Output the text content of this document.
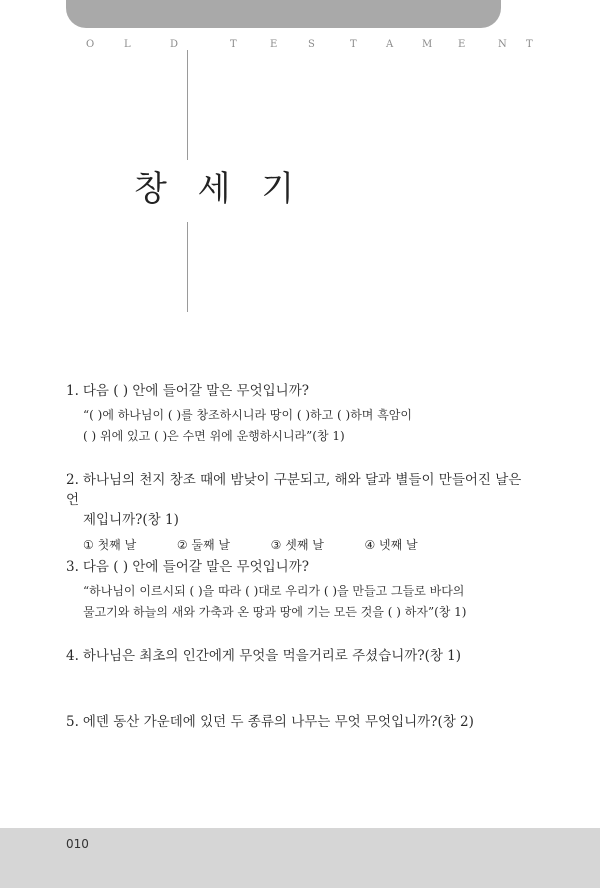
O	L	D	T	E	S	T	A	M	E	N T
창 세 기

1. 다음 ( ) 안에 들어갈 말은 무엇입니까?

“( )에 하나님이 ( )를 창조하시니라 땅이 ( )하고 ( )하며 흑암이
( ) 위에 있고 ( )은 수면 위에 운행하시니라”(창 1)

2. 하나님의 천지 창조 때에 밤낮이 구분되고, 해와 달과 별들이 만들어진 날은 언
제입니까?(창 1)

① 첫째 날	② 둘째 날	③ 셋째 날	④ 넷째 날

3. 다음 ( ) 안에 들어갈 말은 무엇입니까?

“하나님이 이르시되 ( )을 따라 ( )대로 우리가 ( )을 만들고 그들로 바다의
물고기와 하늘의 새와 가축과 온 땅과 땅에 기는 모든 것을 ( ) 하자”(창 1)

4. 하나님은 최초의 인간에게 무엇을 먹을거리로 주셨습니까?(창 1)

5. 에덴 동산 가운데에 있던 두 종류의 나무는 무엇 무엇입니까?(창 2)

010
